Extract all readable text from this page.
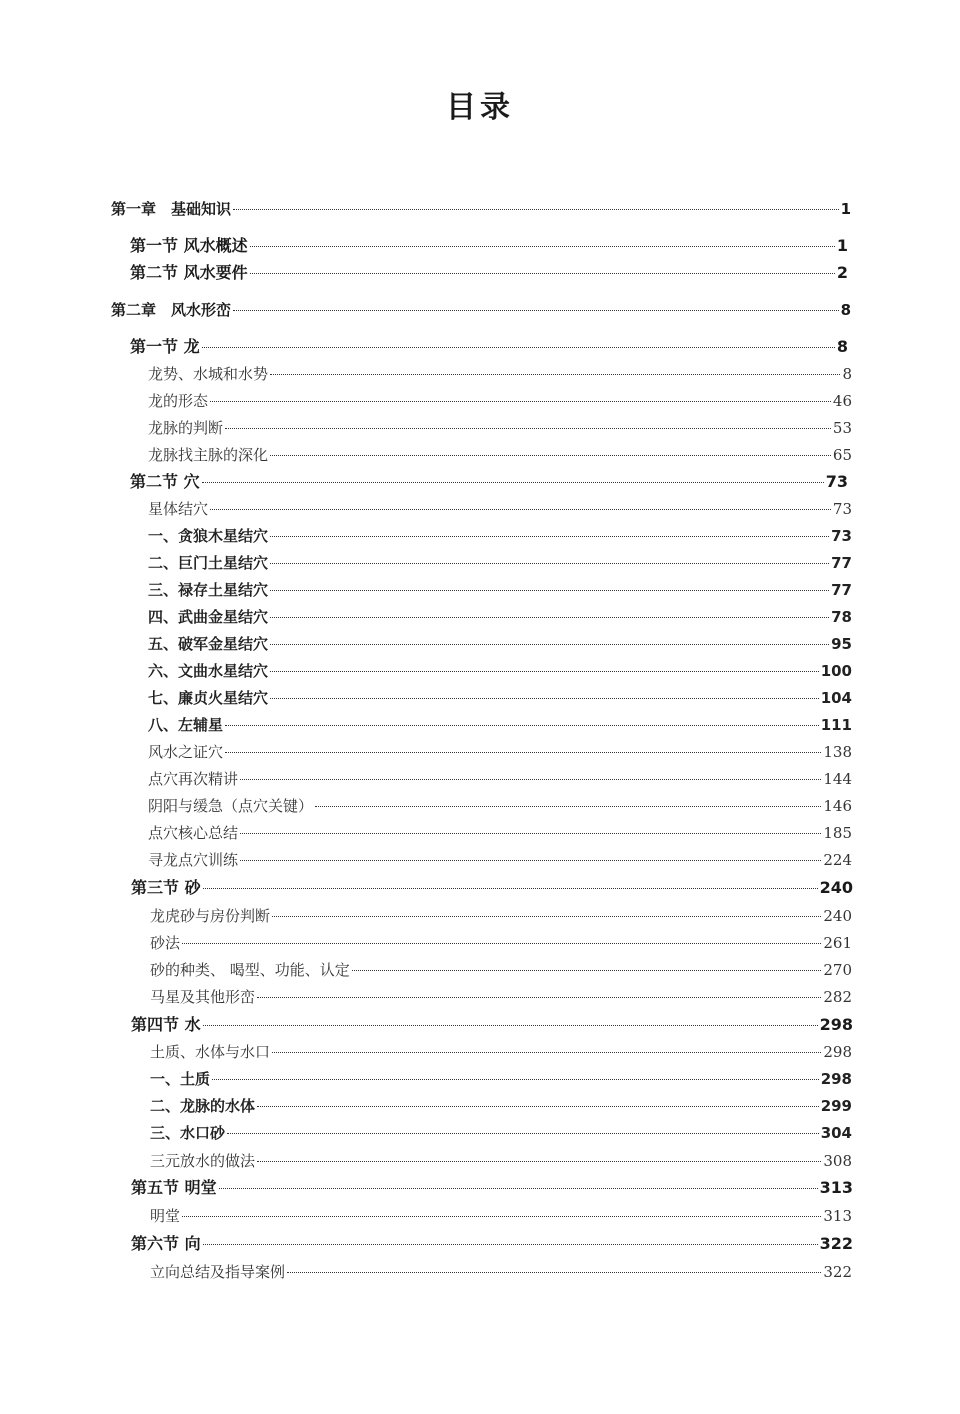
目录
第一章　基础知识	1
第一节 风水概述	1
第二节 风水要件	2
第二章　风水形峦	8
第一节 龙	8
龙势、水城和水势	8
龙的形态	46
龙脉的判断	53
龙脉找主脉的深化	65
第二节 穴	73
星体结穴	73
一、贪狼木星结穴	73
二、巨门土星结穴	77
三、禄存土星结穴	77
四、武曲金星结穴	78
五、破军金星结穴	95
六、文曲水星结穴	100
七、廉贞火星结穴	104
八、左辅星	111
风水之证穴	138
点穴再次精讲	144
阴阳与缓急（点穴关键）	146
点穴核心总结	185
寻龙点穴训练	224
第三节 砂	240
龙虎砂与房份判断	240
砂法	261
砂的种类、 喝型、功能、认定	270
马星及其他形峦	282
第四节 水	298
土质、水体与水口	298
一、土质	298
二、龙脉的水体	299
三、水口砂	304
三元放水的做法	308
第五节 明堂	313
明堂	313
第六节 向	322
立向总结及指导案例	322
